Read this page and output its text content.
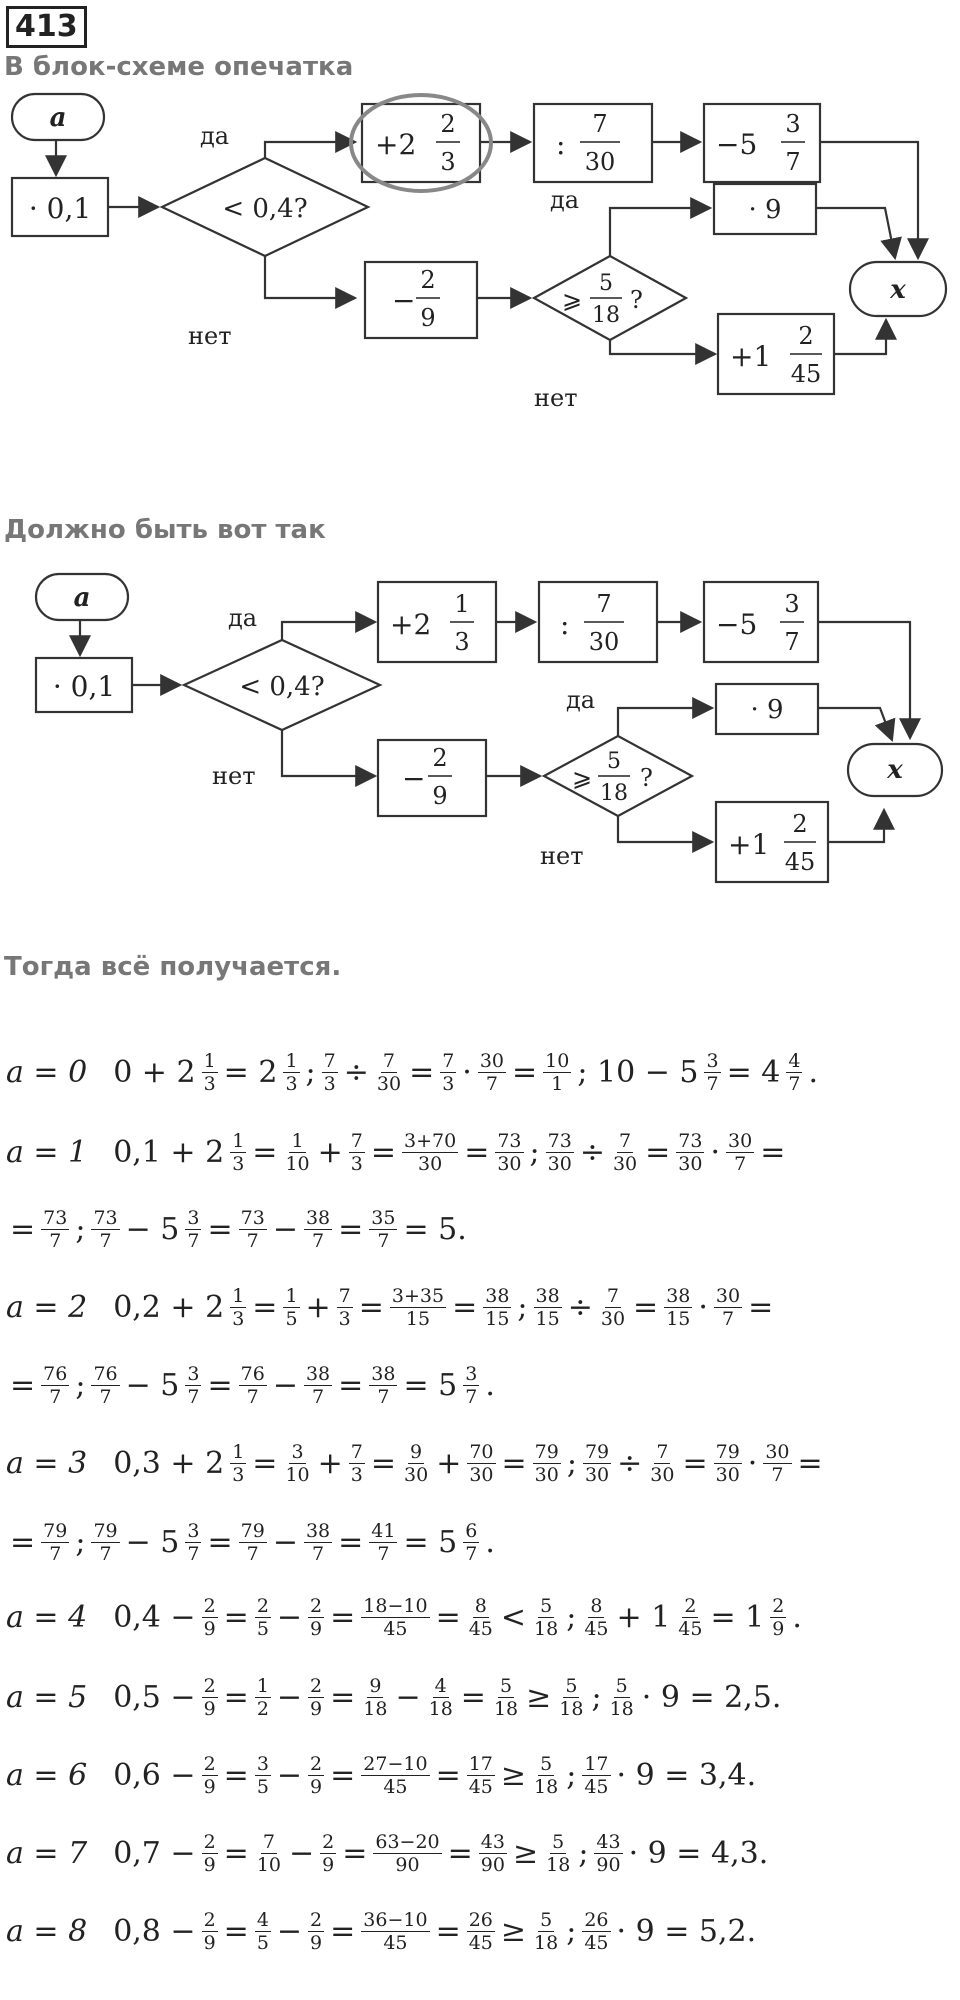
413
В блок-схеме опечатка
a
· 0,1	< 0,4?
да
нет
+2
2
3
:
7
30
−5
3
7
−
2
9
⩾
5
18
?
да
нет
· 9
+1
2
45
x
Должно быть вот так
a
· 0,1	< 0,4?
да
нет
+2
1
3
:
7
30
−5
3
7
−
2
9
⩾
5
18
?
да
нет
· 9
+1
2
45
x
Тогда всё получается.
a = 0 $0 + 2 \frac{1}{3} = 2$ 1
3 ; $\frac{7}{3} \div \frac{7}{30} = \frac{7}{3} \cdot \frac{30}{7} = \frac{10}{1}$ ; $10 - 5 \frac{3}{7} = 4$ 4
7 .
a = 1 $0,1 + 2 \frac{1}{3} = \frac{1}{10} + \frac{7}{3} = \frac{3+70}{30} = \frac{73}{30}$ ; $\frac{73}{30} \div \frac{7}{30} = \frac{73}{30} \cdot \frac{30}{7}$ =
= $\frac{73}{7}$ ; 73
$7 - 5 \frac{3}{7} = \frac{73}{7} - \frac{38}{7} = \frac{35}{7} = 5$.
a = 2 $0,2 + 2 \frac{1}{3} = \frac{1}{5} + \frac{7}{3} = \frac{3+35}{15} = \frac{38}{15}$ ; $\frac{38}{15} \div \frac{7}{30} = \frac{38}{15} \cdot \frac{30}{7}$ =
= $\frac{76}{7}$ ; 76
$7 - 5 \frac{3}{7} = \frac{76}{7} - \frac{38}{7} = \frac{38}{7} = 5$ 3
7 .
a = 3 $0,3 + 2 \frac{1}{3} = \frac{3}{10} + \frac{7}{3} = \frac{9}{30} + \frac{70}{30} = \frac{79}{30}$ ; $\frac{79}{30} \div \frac{7}{30} = \frac{79}{30} \cdot \frac{30}{7}$ =
= $\frac{79}{7}$ ; 79
$7 - 5 \frac{3}{7} = \frac{79}{7} - \frac{38}{7} = \frac{41}{7} = 5$ 6
7 .
a = 4 $0,4 - \frac{2}{9} = \frac{2}{5} - \frac{2}{9} = \frac{18-10}{45} = \frac{8}{45} < 5$
18 ; 8
$45 + 1 \frac{2}{45} = 1$ 2
9 .
a = 5 $0,5 - \frac{2}{9} = \frac{1}{2} - \frac{2}{9} = \frac{9}{18} - \frac{4}{18} = \frac{5}{18} \ge \frac{5}{18}$ ; 5
18 · 9 = 2,5.
a = 6 $0,6 - \frac{2}{9} = \frac{3}{5} - \frac{2}{9} = \frac{27-10}{45} = \frac{17}{45} \ge \frac{5}{18}$ ; 17
45 · 9 = 3,4.
a = 7 $0,7 - \frac{2}{9} = \frac{7}{10} - \frac{2}{9} = \frac{63-20}{90} = \frac{43}{90} \ge \frac{5}{18}$ ; 43
90 · 9 = 4,3.
a = 8 $0,8 - \frac{2}{9} = \frac{4}{5} - \frac{2}{9} = \frac{36-10}{45} = \frac{26}{45} \ge \frac{5}{18}$ ; 26
45 · 9 = 5,2.
